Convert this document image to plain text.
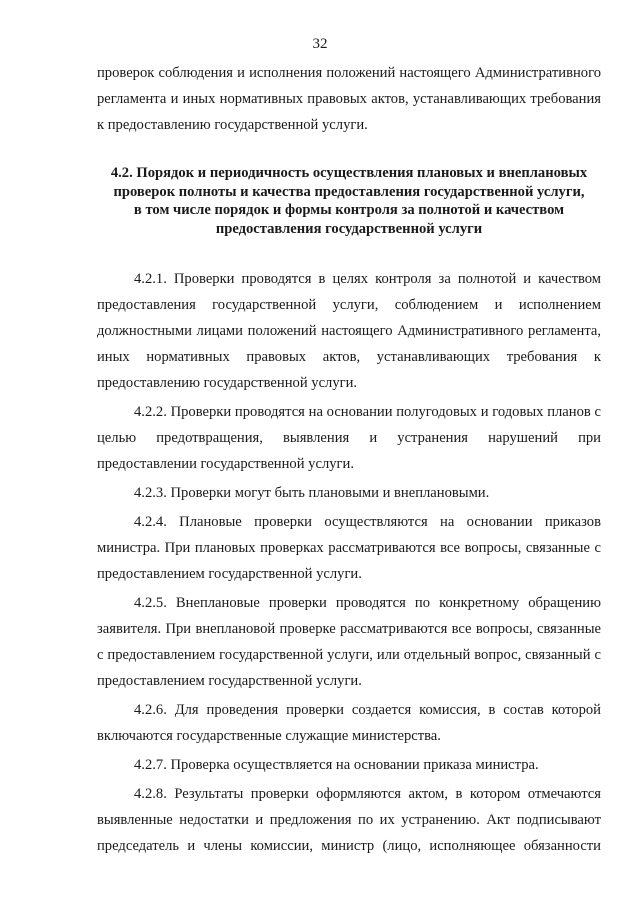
32

проверок соблюдения и исполнения положений настоящего Административного регламента и иных нормативных правовых актов, устанавливающих требования к предоставлению государственной услуги.

4.2. Порядок и периодичность осуществления плановых и внеплановых
проверок полноты и качества предоставления государственной услуги,
в том числе порядок и формы контроля за полнотой и качеством
предоставления государственной услуги

4.2.1. Проверки проводятся в целях контроля за полнотой и качеством предоставления государственной услуги, соблюдением и исполнением должностными лицами положений настоящего Административного регламента, иных нормативных правовых актов, устанавливающих требования к предоставлению государственной услуги.

4.2.2. Проверки проводятся на основании полугодовых и годовых планов с целью предотвращения, выявления и устранения нарушений при предоставлении государственной услуги.

4.2.3. Проверки могут быть плановыми и внеплановыми.

4.2.4. Плановые проверки осуществляются на основании приказов министра. При плановых проверках рассматриваются все вопросы, связанные с предоставлением государственной услуги.

4.2.5. Внеплановые проверки проводятся по конкретному обращению заявителя. При внеплановой проверке рассматриваются все вопросы, связанные с предоставлением государственной услуги, или отдельный вопрос, связанный с предоставлением государственной услуги.

4.2.6. Для проведения проверки создается комиссия, в состав которой включаются государственные служащие министерства.

4.2.7. Проверка осуществляется на основании приказа министра.

4.2.8. Результаты проверки оформляются актом, в котором отмечаются выявленные недостатки и предложения по их устранению. Акт подписывают председатель и члены комиссии, министр (лицо, исполняющее обязанности
